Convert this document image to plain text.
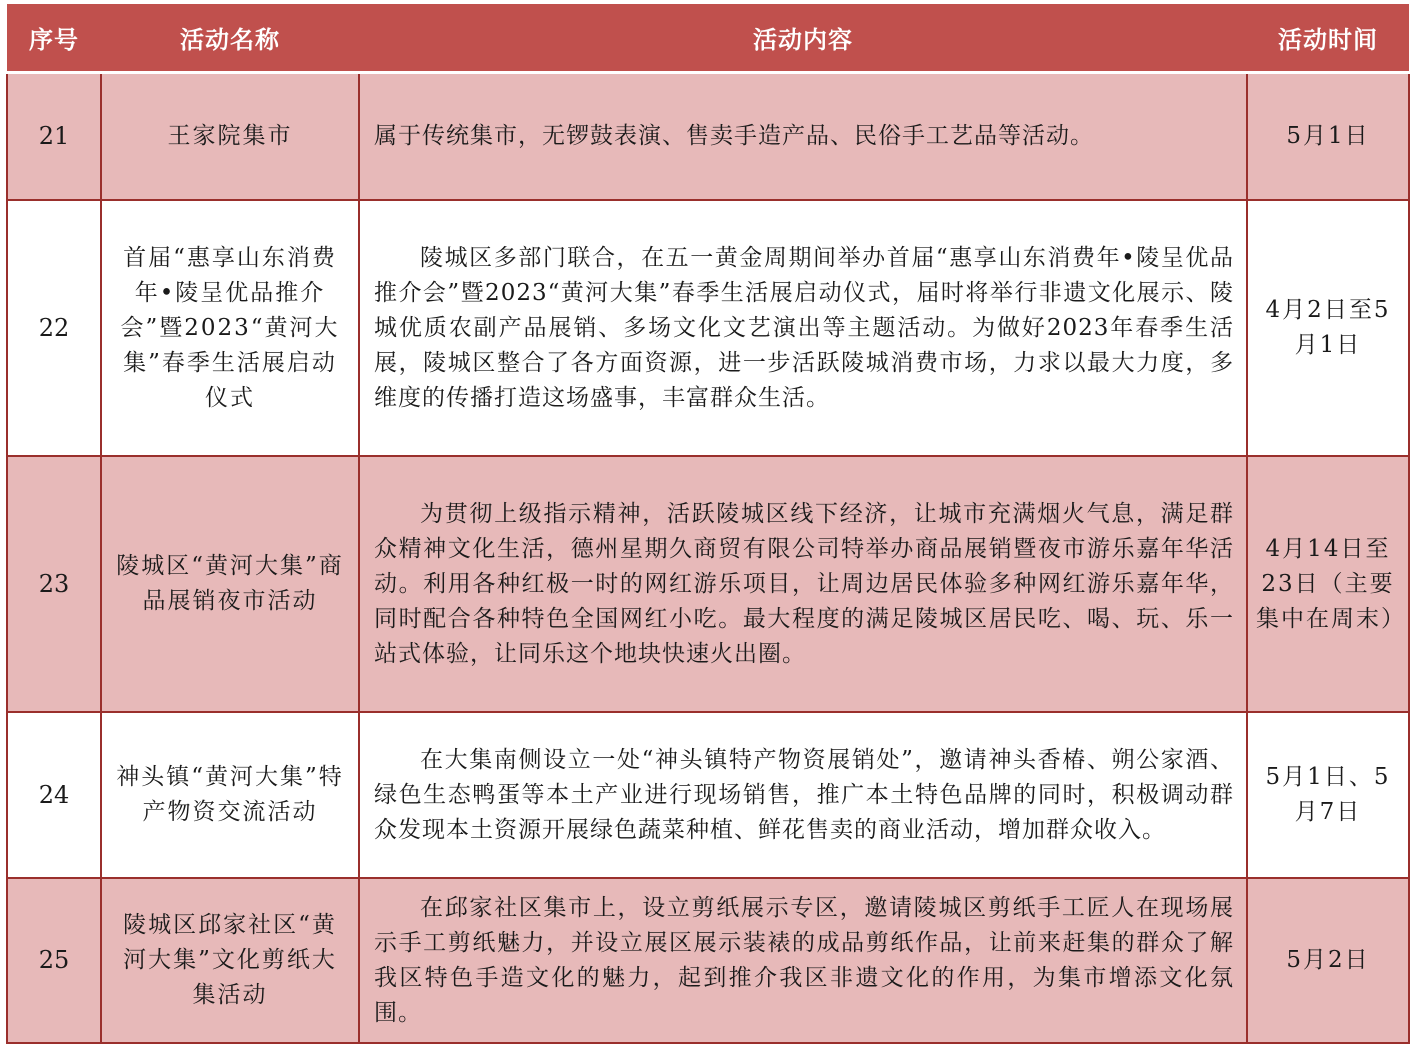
序号	活动名称	活动内容	活动时间
21	王家院集市	属于传统集市，无锣鼓表演、售卖手造产品、民俗手工艺品等活动。	5月1日
22	首届“惠享山东消费年•陵呈优品推介会”暨2023“黄河大集”春季生活展启动仪式	陵城区多部门联合，在五一黄金周期间举办首届“惠享山东消费年•陵呈优品推介会”暨2023“黄河大集”春季生活展启动仪式，届时将举行非遗文化展示、陵城优质农副产品展销、多场文化文艺演出等主题活动。为做好2023年春季生活展，陵城区整合了各方面资源，进一步活跃陵城消费市场，力求以最大力度，多维度的传播打造这场盛事，丰富群众生活。	4月2日至5月1日
23	陵城区“黄河大集”商品展销夜市活动	为贯彻上级指示精神，活跃陵城区线下经济，让城市充满烟火气息，满足群众精神文化生活，德州星期久商贸有限公司特举办商品展销暨夜市游乐嘉年华活动。利用各种红极一时的网红游乐项目，让周边居民体验多种网红游乐嘉年华，同时配合各种特色全国网红小吃。最大程度的满足陵城区居民吃、喝、玩、乐一站式体验，让同乐这个地块快速火出圈。	4月14日至23日（主要集中在周末）
24	神头镇“黄河大集”特产物资交流活动	在大集南侧设立一处“神头镇特产物资展销处”，邀请神头香椿、朔公家酒、绿色生态鸭蛋等本土产业进行现场销售，推广本土特色品牌的同时，积极调动群众发现本土资源开展绿色蔬菜种植、鲜花售卖的商业活动，增加群众收入。	5月1日、5月7日
25	陵城区邱家社区“黄河大集”文化剪纸大集活动	在邱家社区集市上，设立剪纸展示专区，邀请陵城区剪纸手工匠人在现场展示手工剪纸魅力，并设立展区展示装裱的成品剪纸作品，让前来赶集的群众了解我区特色手造文化的魅力，起到推介我区非遗文化的作用，为集市增添文化氛围。	5月2日
